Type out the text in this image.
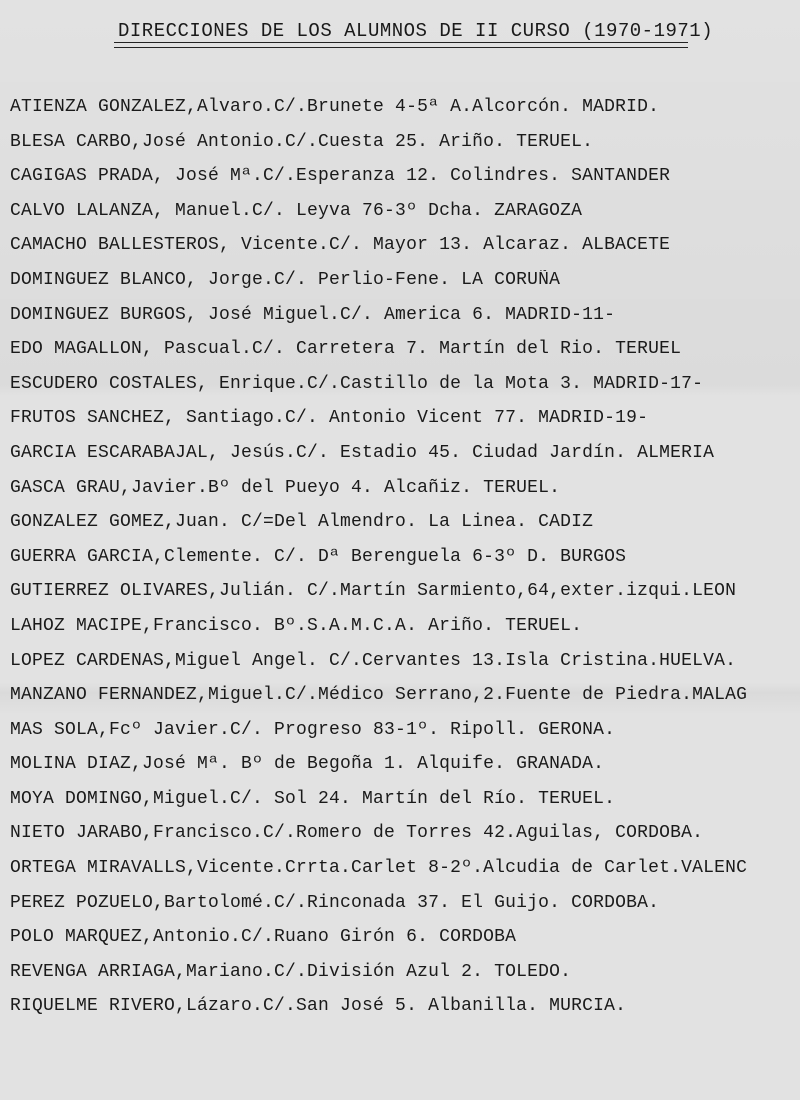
DIRECCIONES DE LOS ALUMNOS DE II CURSO (1970-1971)
ATIENZA GONZALEZ,Alvaro.C/.Brunete 4-5ª A.Alcorcón. MADRID.
BLESA CARBO,José Antonio.C/.Cuesta 25. Ariño. TERUEL.
CAGIGAS PRADA, José Mª.C/.Esperanza 12. Colindres. SANTANDER
CALVO LALANZA, Manuel.C/. Leyva 76-3º Dcha. ZARAGOZA
CAMACHO BALLESTEROS, Vicente.C/. Mayor 13. Alcaraz. ALBACETE
DOMINGUEZ BLANCO, Jorge.C/. Perlio-Fene. LA CORUÑA
DOMINGUEZ BURGOS, José Miguel.C/. America 6. MADRID-11-
EDO MAGALLON, Pascual.C/. Carretera 7. Martín del Rio. TERUEL
ESCUDERO COSTALES, Enrique.C/.Castillo de la Mota 3. MADRID-17-
FRUTOS SANCHEZ, Santiago.C/. Antonio Vicent 77. MADRID-19-
GARCIA ESCARABAJAL, Jesús.C/. Estadio 45. Ciudad Jardín. ALMERIA
GASCA GRAU,Javier.Bº del Pueyo 4. Alcañiz. TERUEL.
GONZALEZ GOMEZ,Juan. C/=Del Almendro. La Linea. CADIZ
GUERRA GARCIA,Clemente. C/. Dª Berenguela 6-3º D. BURGOS
GUTIERREZ OLIVARES,Julián. C/.Martín Sarmiento,64,exter.izqui.LEON
LAHOZ MACIPE,Francisco. Bº.S.A.M.C.A. Ariño. TERUEL.
LOPEZ CARDENAS,Miguel Angel. C/.Cervantes 13.Isla Cristina.HUELVA.
MANZANO FERNANDEZ,Miguel.C/.Médico Serrano,2.Fuente de Piedra.MALAG
MAS SOLA,Fcº Javier.C/. Progreso 83-1º. Ripoll. GERONA.
MOLINA DIAZ,José Mª. Bº de Begoña 1. Alquife. GRANADA.
MOYA DOMINGO,Miguel.C/. Sol 24. Martín del Río. TERUEL.
NIETO JARABO,Francisco.C/.Romero de Torres 42.Aguilas, CORDOBA.
ORTEGA MIRAVALLS,Vicente.Crrta.Carlet 8-2º.Alcudia de Carlet.VALENC
PEREZ POZUELO,Bartolomé.C/.Rinconada 37. El Guijo. CORDOBA.
POLO MARQUEZ,Antonio.C/.Ruano Girón 6. CORDOBA
REVENGA ARRIAGA,Mariano.C/.División Azul 2. TOLEDO.
RIQUELME RIVERO,Lázaro.C/.San José 5. Albanilla. MURCIA.
